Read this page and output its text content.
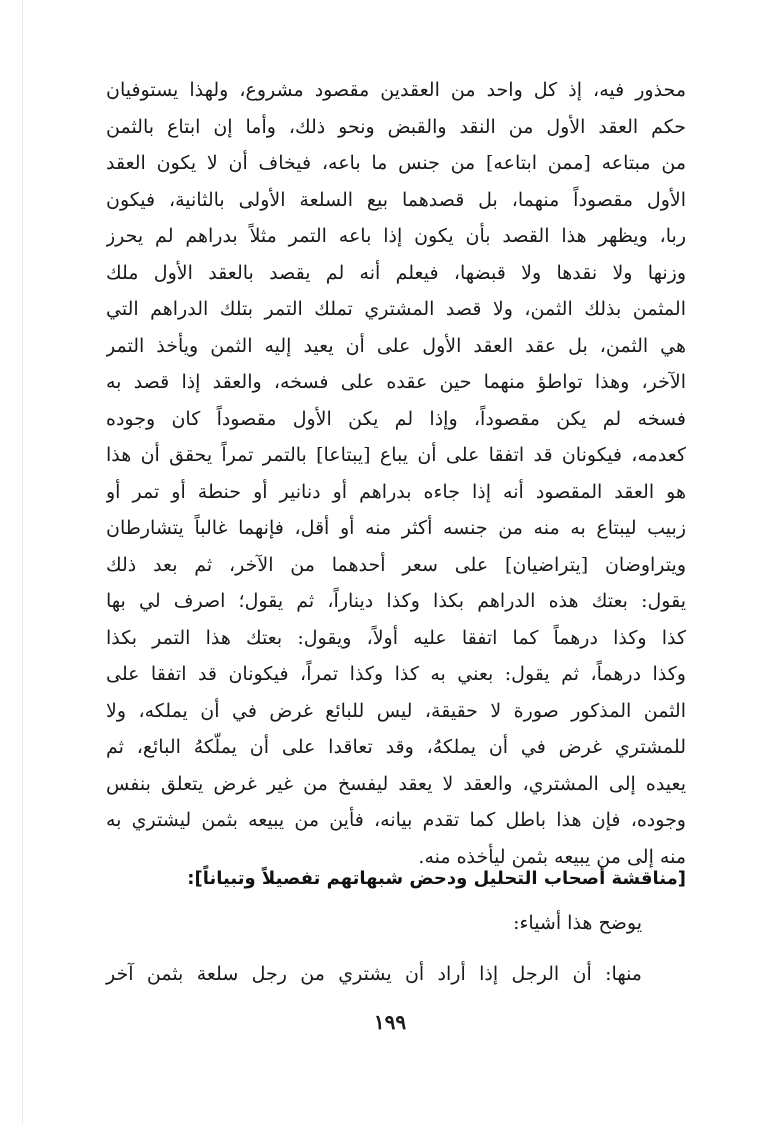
محذور فيه، إذ كل واحد من العقدين مقصود مشروع، ولهذا يستوفيان
حكم العقد الأول من النقد والقبض ونحو ذلك، وأما إن ابتاع بالثمن
من مبتاعه [ممن ابتاعه] من جنس ما باعه، فيخاف أن لا يكون العقد
الأول مقصوداً منهما، بل قصدهما بيع السلعة الأولى بالثانية، فيكون
ربا، ويظهر هذا القصد بأن يكون إذا باعه التمر مثلاً بدراهم لم يحرز
وزنها ولا نقدها ولا قبضها، فيعلم أنه لم يقصد بالعقد الأول ملك
المثمن بذلك الثمن، ولا قصد المشتري تملك التمر بتلك الدراهم التي
هي الثمن، بل عقد العقد الأول على أن يعيد إليه الثمن ويأخذ التمر
الآخر، وهذا تواطؤ منهما حين عقده على فسخه، والعقد إذا قصد به
فسخه لم يكن مقصوداً، وإذا لم يكن الأول مقصوداً كان وجوده
كعدمه، فيكونان قد اتفقا على أن يباع [يبتاعا] بالتمر تمراً يحقق أن هذا
هو العقد المقصود أنه إذا جاءه بدراهم أو دنانير أو حنطة أو تمر أو
زبيب ليبتاع به منه من جنسه أكثر منه أو أقل، فإنهما غالباً يتشارطان
ويتراوضان [يتراضيان] على سعر أحدهما من الآخر، ثم بعد ذلك
يقول: بعتك هذه الدراهم بكذا وكذا ديناراً، ثم يقول؛ اصرف لي بها
كذا وكذا درهماً كما اتفقا عليه أولاً، ويقول: بعتك هذا التمر بكذا
وكذا درهماً، ثم يقول: بعني به كذا وكذا تمراً، فيكونان قد اتفقا على
الثمن المذكور صورة لا حقيقة، ليس للبائع غرض في أن يملكه، ولا
للمشتري غرض في أن يملكهُ، وقد تعاقدا على أن يملّكهُ البائع، ثم
يعيده إلى المشتري، والعقد لا يعقد ليفسخ من غير غرض يتعلق بنفس
وجوده، فإن هذا باطل كما تقدم بيانه، فأين من يبيعه بثمن ليشتري به
منه إلى من يبيعه بثمن ليأخذه منه.
[مناقشة أصحاب التحليل ودحض شبهاتهم تفصيلاً وتبياناً]:
يوضح هذا أشياء:
منها: أن الرجل إذا أراد أن يشتري من رجل سلعة بثمن آخر
١٩٩
